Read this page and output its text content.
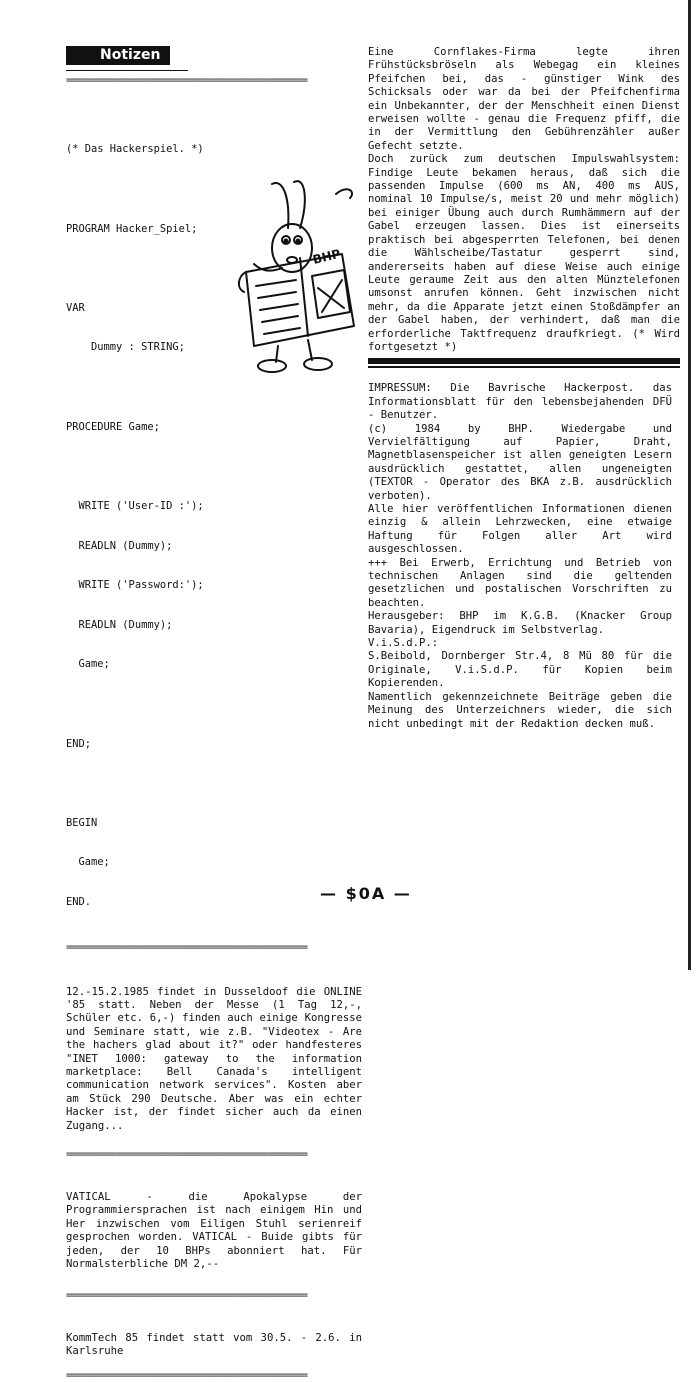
Notizen
================================================

(* Das Hackerspiel. *)

PROGRAM Hacker_Spiel;

VAR

Dummy : STRING;

PROCEDURE Game;

WRITE ('User-ID :');

READLN (Dummy);

WRITE ('Password:');

READLN (Dummy);

Game;

END;

BEGIN

Game;

END.

================================================

12.-15.2.1985 findet in Dusseldoof die ONLINE '85 statt. Neben der Messe (1 Tag 12,-, Schüler etc. 6,-) finden auch einige Kongresse und Seminare statt, wie z.B. "Videotex - Are the hachers glad about it?" oder handfesteres "INET 1000: gateway to the information marketplace: Bell Canada's intelligent communication network services". Kosten aber am Stück 290 Deutsche. Aber was ein echter Hacker ist, der findet sicher auch da einen Zugang...

================================================

VATICAL - die Apokalypse der Programmiersprachen ist nach einigem Hin und Her inzwischen vom Eiligen Stuhl serienreif gesprochen worden. VATICAL - Buide gibts für jeden, der 10 BHPs abonniert hat. Für Normalsterbliche DM 2,--

================================================

KommTech 85 findet statt vom 30.5. - 2.6. in Karlsruhe

================================================
BHP

Eine Cornflakes-Firma legte ihren Frühstücksbröseln als Webegag ein kleines Pfeifchen bei, das - günstiger Wink des Schicksals oder war da bei der Pfeifchenfirma ein Unbekannter, der der Menschheit einen Dienst erweisen wollte - genau die Frequenz pfiff, die in der Vermittlung den Gebührenzähler außer Gefecht setzte.

Doch zurück zum deutschen Impulswahlsystem: Findige Leute bekamen heraus, daß sich die passenden Impulse (600 ms AN, 400 ms AUS, nominal 10 Impulse/s, meist 20 und mehr möglich) bei einiger Übung auch durch Rumhämmern auf der Gabel erzeugen lassen. Dies ist einerseits praktisch bei abgesperrten Telefonen, bei denen die Wählscheibe/Tastatur gesperrt sind, andererseits haben auf diese Weise auch einige Leute geraume Zeit aus den alten Münztelefonen umsonst anrufen können. Geht inzwischen nicht mehr, da die Apparate jetzt einen Stoßdämpfer an der Gabel haben, der verhindert, daß man die erforderliche Taktfrequenz draufkriegt. (* Wird fortgesetzt *)

IMPRESSUM: Die Bavrische Hackerpost. das Informationsblatt für den lebensbejahenden DFÜ - Benutzer.

(c) 1984 by BHP. Wiedergabe und Vervielfältigung auf Papier, Draht, Magnetblasenspeicher ist allen geneigten Lesern ausdrücklich gestattet, allen ungeneigten (TEXTOR - Operator des BKA z.B. ausdrücklich verboten).

Alle hier veröffentlichen Informationen dienen einzig & allein Lehrzwecken, eine etwaige Haftung für Folgen aller Art wird ausgeschlossen.

+++ Bei Erwerb, Errichtung und Betrieb von technischen Anlagen sind die geltenden gesetzlichen und postalischen Vorschriften zu beachten.

Herausgeber: BHP im K.G.B. (Knacker Group Bavaria), Eigendruck im Selbstverlag.

V.i.S.d.P.:

S.Beibold, Dornberger Str.4, 8 Mü 80 für die Originale, V.i.S.d.P. für Kopien beim Kopierenden.

Namentlich gekennzeichnete Beiträge geben die Meinung des Unterzeichners wieder, die sich nicht unbedingt mit der Redaktion decken muß.

— $0A —
